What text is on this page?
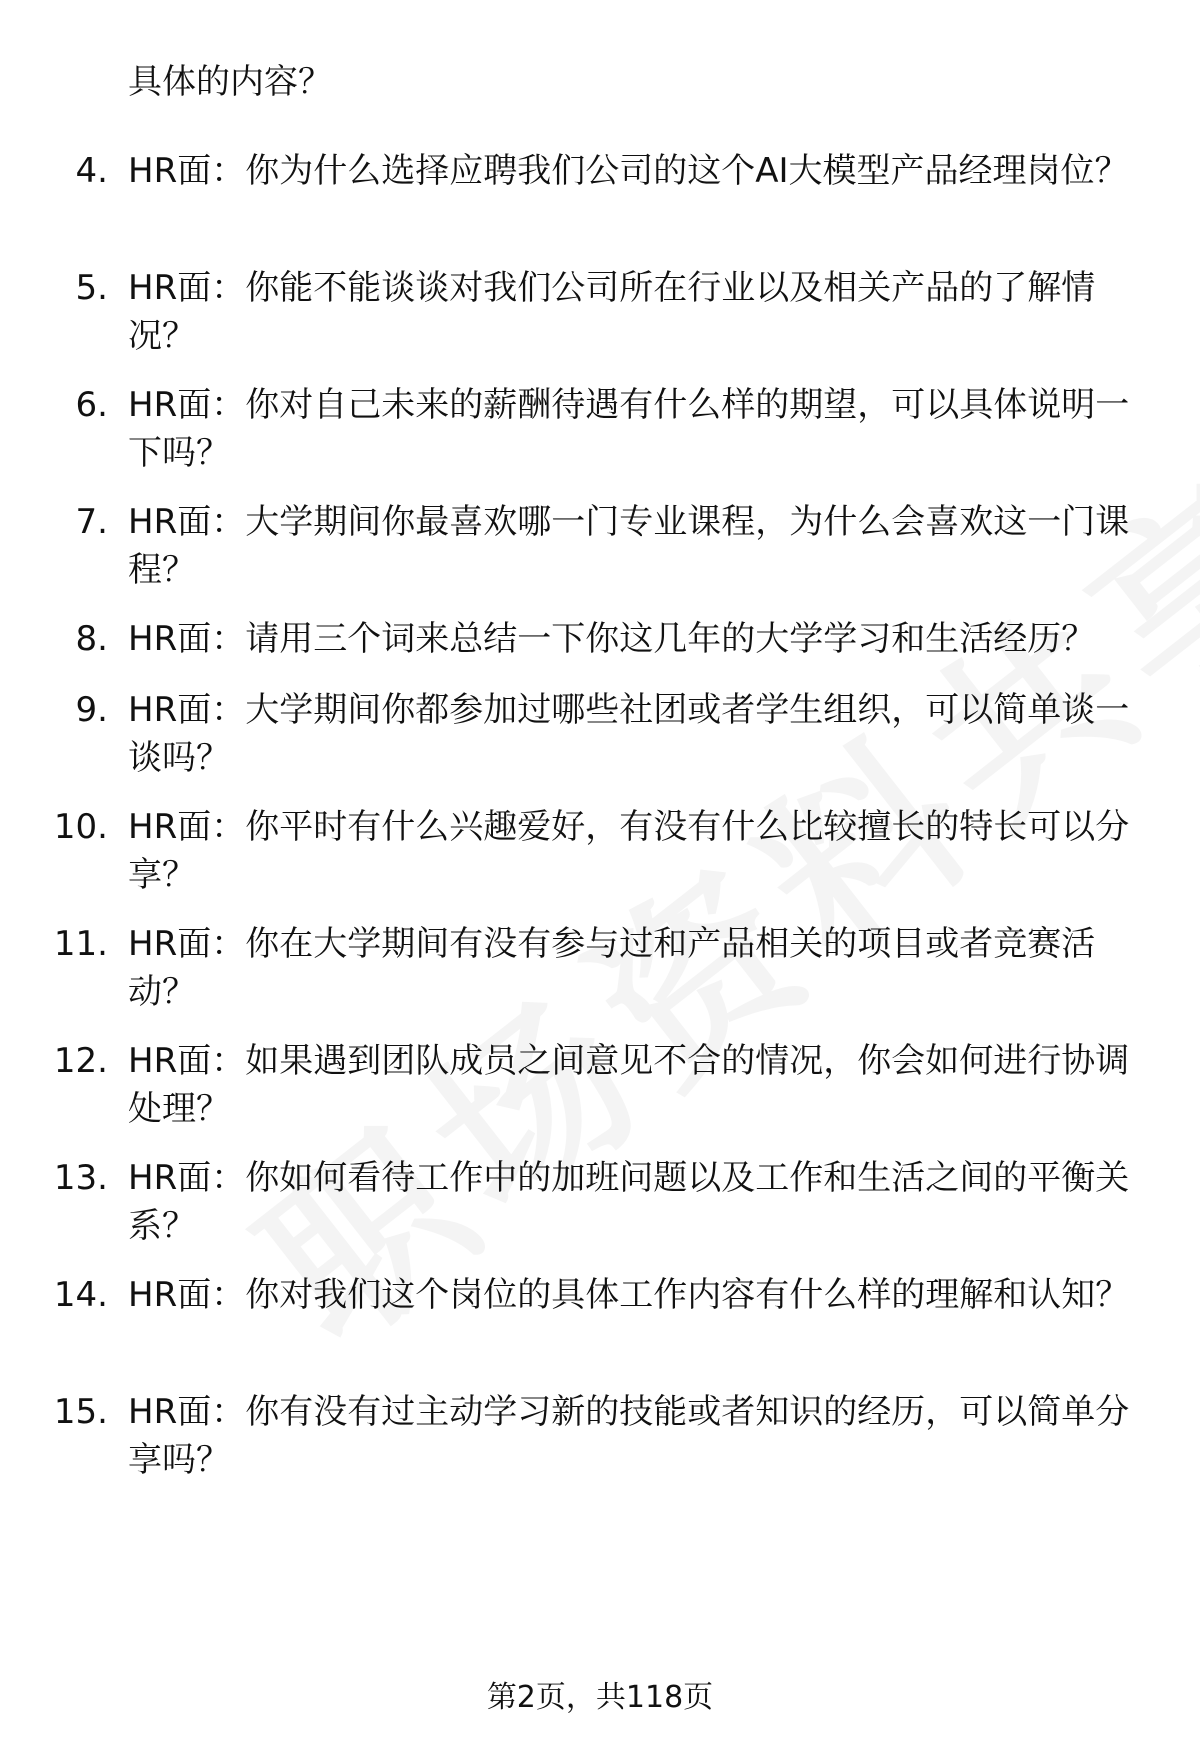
具体的内容？
4. HR面：你为什么选择应聘我们公司的这个AI大模型产品经理岗位？
5. HR面：你能不能谈谈对我们公司所在行业以及相关产品的了解情况？
6. HR面：你对自己未来的薪酬待遇有什么样的期望，可以具体说明一下吗？
7. HR面：大学期间你最喜欢哪一门专业课程，为什么会喜欢这一门课程？
8. HR面：请用三个词来总结一下你这几年的大学学习和生活经历？
9. HR面：大学期间你都参加过哪些社团或者学生组织，可以简单谈一谈吗？
10. HR面：你平时有什么兴趣爱好，有没有什么比较擅长的特长可以分享？
11. HR面：你在大学期间有没有参与过和产品相关的项目或者竞赛活动？
12. HR面：如果遇到团队成员之间意见不合的情况，你会如何进行协调处理？
13. HR面：你如何看待工作中的加班问题以及工作和生活之间的平衡关系？
14. HR面：你对我们这个岗位的具体工作内容有什么样的理解和认知？
15. HR面：你有没有过主动学习新的技能或者知识的经历，可以简单分享吗？
第2页，共118页
